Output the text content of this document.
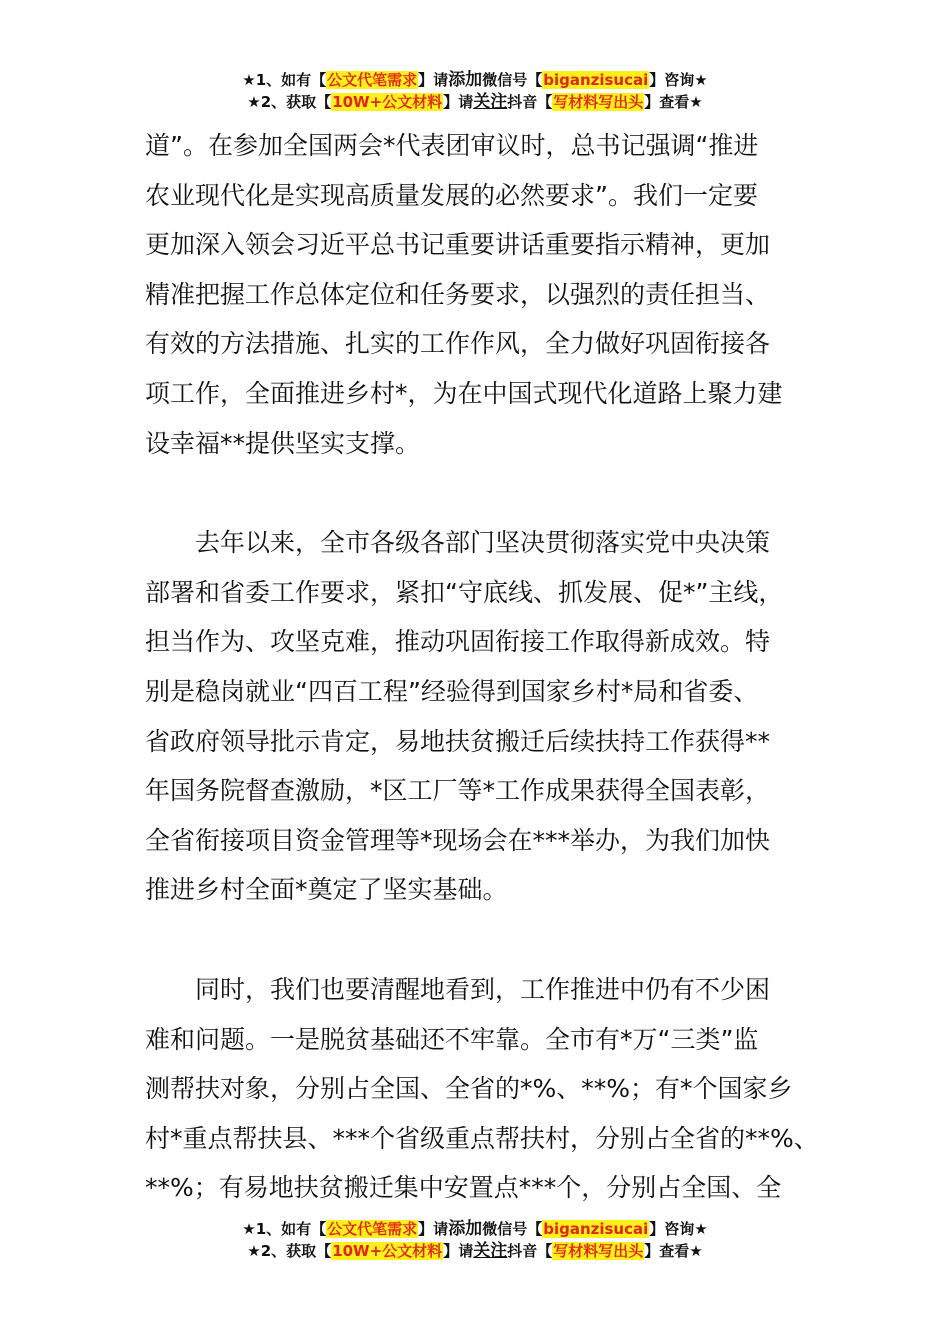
★1、如有【公文代笔需求】请添加微信号【biganzisucai】咨询★
★2、获取【10W+公文材料】请关注抖音【写材料写出头】查看★

道”。在参加全国两会*代表团审议时，总书记强调“推进
农业现代化是实现高质量发展的必然要求”。我们一定要
更加深入领会习近平总书记重要讲话重要指示精神，更加
精准把握工作总体定位和任务要求，以强烈的责任担当、
有效的方法措施、扎实的工作作风，全力做好巩固衔接各
项工作，全面推进乡村*，为在中国式现代化道路上聚力建
设幸福**提供坚实支撑。

　　去年以来，全市各级各部门坚决贯彻落实党中央决策
部署和省委工作要求，紧扣“守底线、抓发展、促*”主线，
担当作为、攻坚克难，推动巩固衔接工作取得新成效。特
别是稳岗就业“四百工程”经验得到国家乡村*局和省委、
省政府领导批示肯定，易地扶贫搬迁后续扶持工作获得**
年国务院督查激励，*区工厂等*工作成果获得全国表彰，
全省衔接项目资金管理等*现场会在***举办，为我们加快
推进乡村全面*奠定了坚实基础。

　　同时，我们也要清醒地看到，工作推进中仍有不少困
难和问题。一是脱贫基础还不牢靠。全市有*万“三类”监
测帮扶对象，分别占全国、全省的*%、**%；有*个国家乡
村*重点帮扶县、***个省级重点帮扶村，分别占全省的**%、
**%；有易地扶贫搬迁集中安置点***个，分别占全国、全

★1、如有【公文代笔需求】请添加微信号【biganzisucai】咨询★
★2、获取【10W+公文材料】请关注抖音【写材料写出头】查看★
